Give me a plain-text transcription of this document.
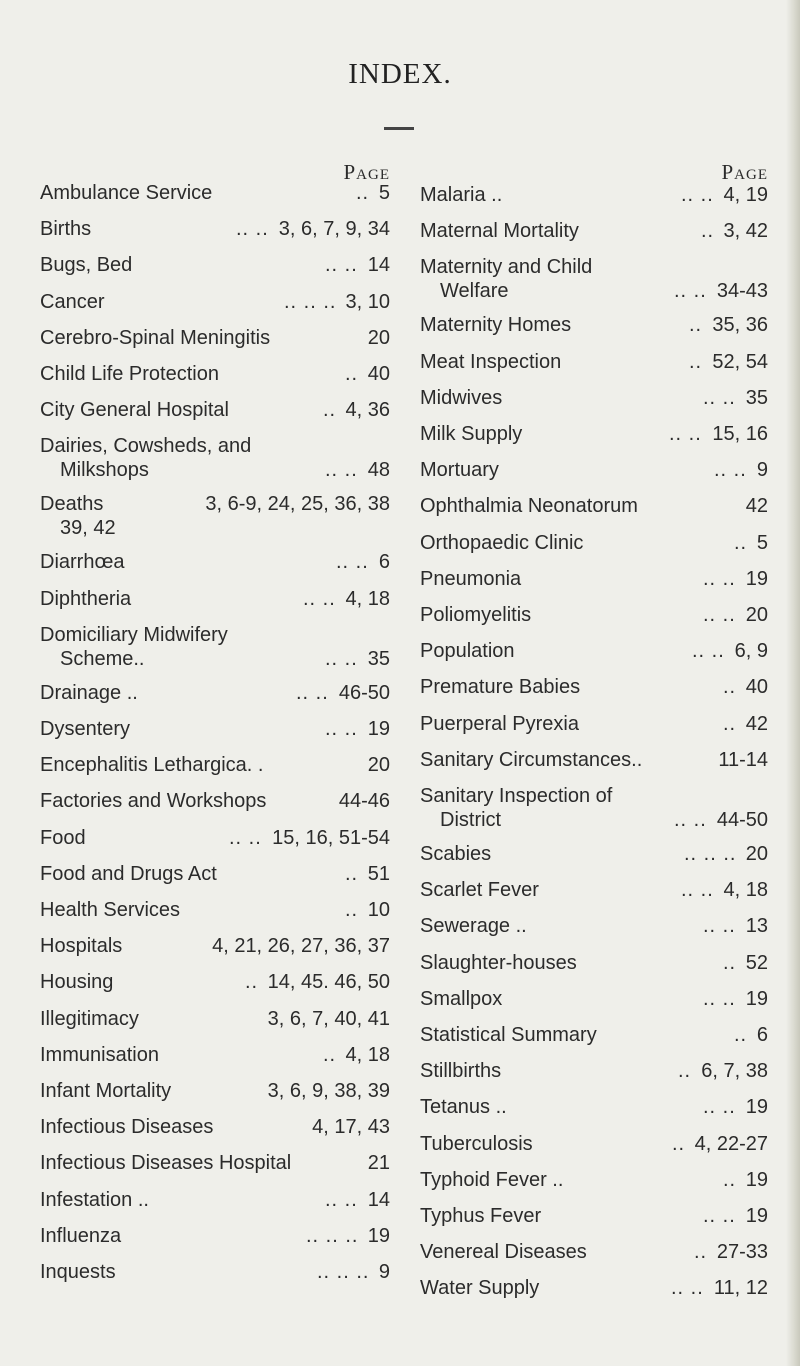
INDEX.
Page
Ambulance Service	.. 5
Births	.. .. 3, 6, 7, 9, 34
Bugs, Bed	.. .. 14
Cancer	.. .. .. 3, 10
Cerebro-Spinal Meningitis	20
Child Life Protection	.. 40
City General Hospital	.. 4, 36
Dairies, Cowsheds, and
Milkshops	.. .. 48
Deaths	3, 6-9, 24, 25, 36, 38
39, 42
Diarrhœa	.. .. 6
Diphtheria	.. .. 4, 18
Domiciliary Midwifery
Scheme..	.. .. 35
Drainage ..	.. .. 46-50
Dysentery	.. .. 19
Encephalitis Lethargica. .	20
Factories and Workshops	44-46
Food	.. .. 15, 16, 51-54
Food and Drugs Act	.. 51
Health Services	.. 10
Hospitals	4, 21, 26, 27, 36, 37
Housing	.. 14, 45. 46, 50
Illegitimacy	3, 6, 7, 40, 41
Immunisation	.. 4, 18
Infant Mortality	3, 6, 9, 38, 39
Infectious Diseases	4, 17, 43
Infectious Diseases Hospital	21
Infestation ..	.. .. 14
Influenza	.. .. .. 19
Inquests	.. .. .. 9
Page
Malaria ..	.. .. 4, 19
Maternal Mortality	.. 3, 42
Maternity and Child
Welfare	.. .. 34-43
Maternity Homes	.. 35, 36
Meat Inspection	.. 52, 54
Midwives	.. .. 35
Milk Supply	.. .. 15, 16
Mortuary	.. .. 9
Ophthalmia Neonatorum	42
Orthopaedic Clinic	.. 5
Pneumonia	.. .. 19
Poliomyelitis	.. .. 20
Population	.. .. 6, 9
Premature Babies	.. 40
Puerperal Pyrexia	.. 42
Sanitary Circumstances..	11-14
Sanitary Inspection of
District	.. .. 44-50
Scabies	.. .. .. 20
Scarlet Fever	.. .. 4, 18
Sewerage ..	.. .. 13
Slaughter-houses	.. 52
Smallpox	.. .. 19
Statistical Summary	.. 6
Stillbirths	.. 6, 7, 38
Tetanus ..	.. .. 19
Tuberculosis	.. 4, 22-27
Typhoid Fever ..	.. 19
Typhus Fever	.. .. 19
Venereal Diseases	.. 27-33
Water Supply	.. .. 11, 12
